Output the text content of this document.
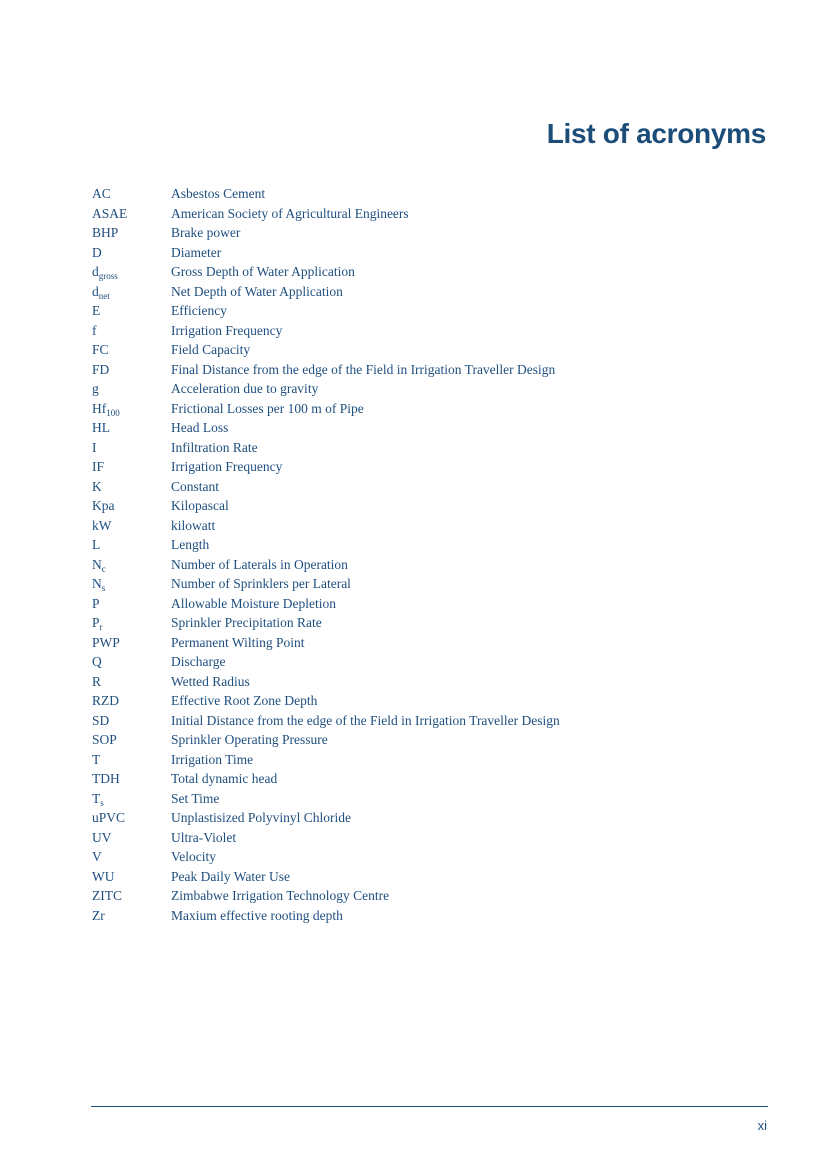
List of acronyms
AC	Asbestos Cement
ASAE	American Society of Agricultural Engineers
BHP	Brake power
D	Diameter
$d_{gross}$	Gross Depth of Water Application
$d_{net}$	Net Depth of Water Application
E	Efficiency
f	Irrigation Frequency
FC	Field Capacity
FD	Final Distance from the edge of the Field in Irrigation Traveller Design
g	Acceleration due to gravity
$Hf_{100}$	Frictional Losses per 100 m of Pipe
HL	Head Loss
I	Infiltration Rate
IF	Irrigation Frequency
K	Constant
Kpa	Kilopascal
kW	kilowatt
L	Length
$N_c$	Number of Laterals in Operation
$N_s$	Number of Sprinklers per Lateral
P	Allowable Moisture Depletion
$P_r$	Sprinkler Precipitation Rate
PWP	Permanent Wilting Point
Q	Discharge
R	Wetted Radius
RZD	Effective Root Zone Depth
SD	Initial Distance from the edge of the Field in Irrigation Traveller Design
SOP	Sprinkler Operating Pressure
T	Irrigation Time
TDH	Total dynamic head
$T_s$	Set Time
uPVC	Unplastisized Polyvinyl Chloride
UV	Ultra-Violet
V	Velocity
WU	Peak Daily Water Use
ZITC	Zimbabwe Irrigation Technology Centre
Zr	Maxium effective rooting depth
xi
